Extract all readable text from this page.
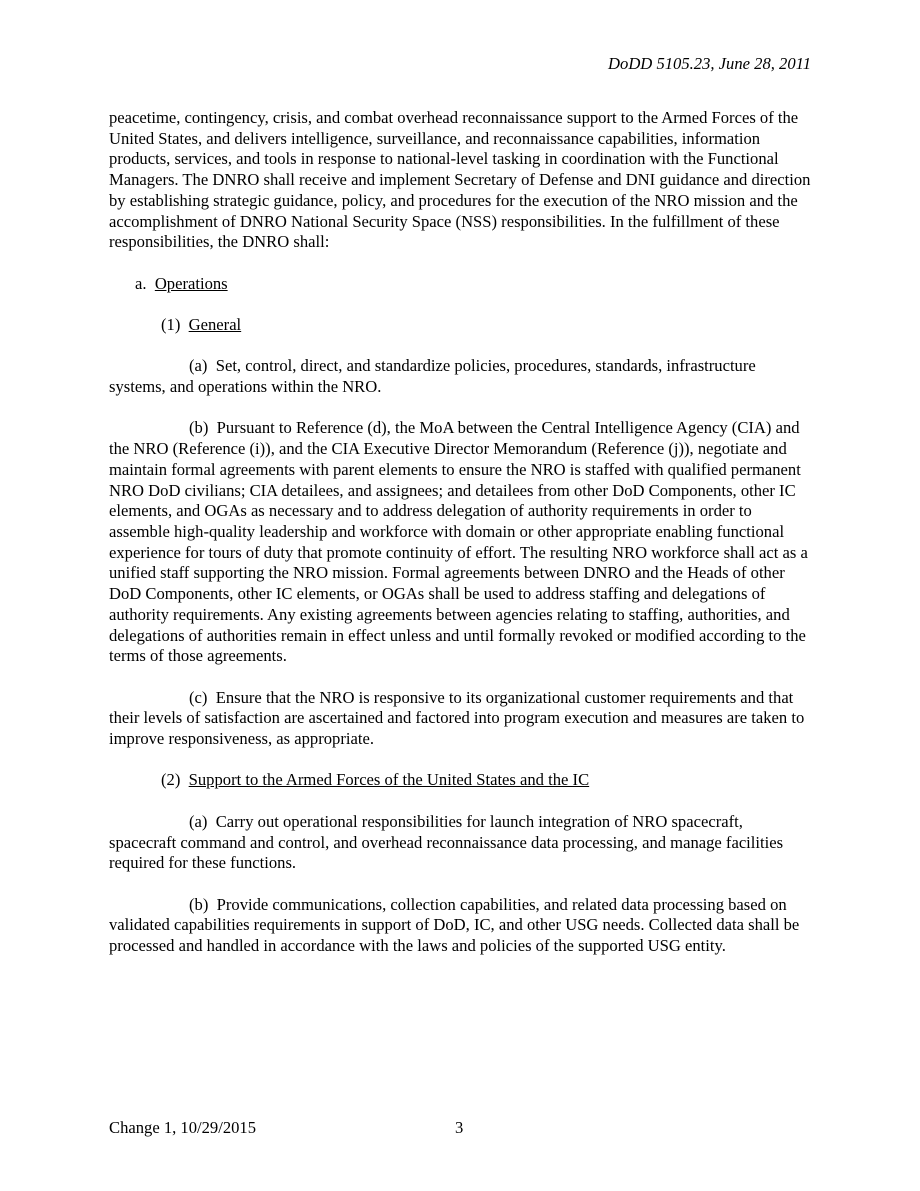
DoDD 5105.23, June 28, 2011

peacetime, contingency, crisis, and combat overhead reconnaissance support to the Armed Forces of the United States, and delivers intelligence, surveillance, and reconnaissance capabilities, information products, services, and tools in response to national-level tasking in coordination with the Functional Managers. The DNRO shall receive and implement Secretary of Defense and DNI guidance and direction by establishing strategic guidance, policy, and procedures for the execution of the NRO mission and the accomplishment of DNRO National Security Space (NSS) responsibilities. In the fulfillment of these responsibilities, the DNRO shall:

a. Operations

(1) General

(a) Set, control, direct, and standardize policies, procedures, standards, infrastructure systems, and operations within the NRO.

(b) Pursuant to Reference (d), the MoA between the Central Intelligence Agency (CIA) and the NRO (Reference (i)), and the CIA Executive Director Memorandum (Reference (j)), negotiate and maintain formal agreements with parent elements to ensure the NRO is staffed with qualified permanent NRO DoD civilians; CIA detailees, and assignees; and detailees from other DoD Components, other IC elements, and OGAs as necessary and to address delegation of authority requirements in order to assemble high-quality leadership and workforce with domain or other appropriate enabling functional experience for tours of duty that promote continuity of effort. The resulting NRO workforce shall act as a unified staff supporting the NRO mission. Formal agreements between DNRO and the Heads of other DoD Components, other IC elements, or OGAs shall be used to address staffing and delegations of authority requirements. Any existing agreements between agencies relating to staffing, authorities, and delegations of authorities remain in effect unless and until formally revoked or modified according to the terms of those agreements.

(c) Ensure that the NRO is responsive to its organizational customer requirements and that their levels of satisfaction are ascertained and factored into program execution and measures are taken to improve responsiveness, as appropriate.

(2) Support to the Armed Forces of the United States and the IC

(a) Carry out operational responsibilities for launch integration of NRO spacecraft, spacecraft command and control, and overhead reconnaissance data processing, and manage facilities required for these functions.

(b) Provide communications, collection capabilities, and related data processing based on validated capabilities requirements in support of DoD, IC, and other USG needs. Collected data shall be processed and handled in accordance with the laws and policies of the supported USG entity.

Change 1, 10/29/2015	3
